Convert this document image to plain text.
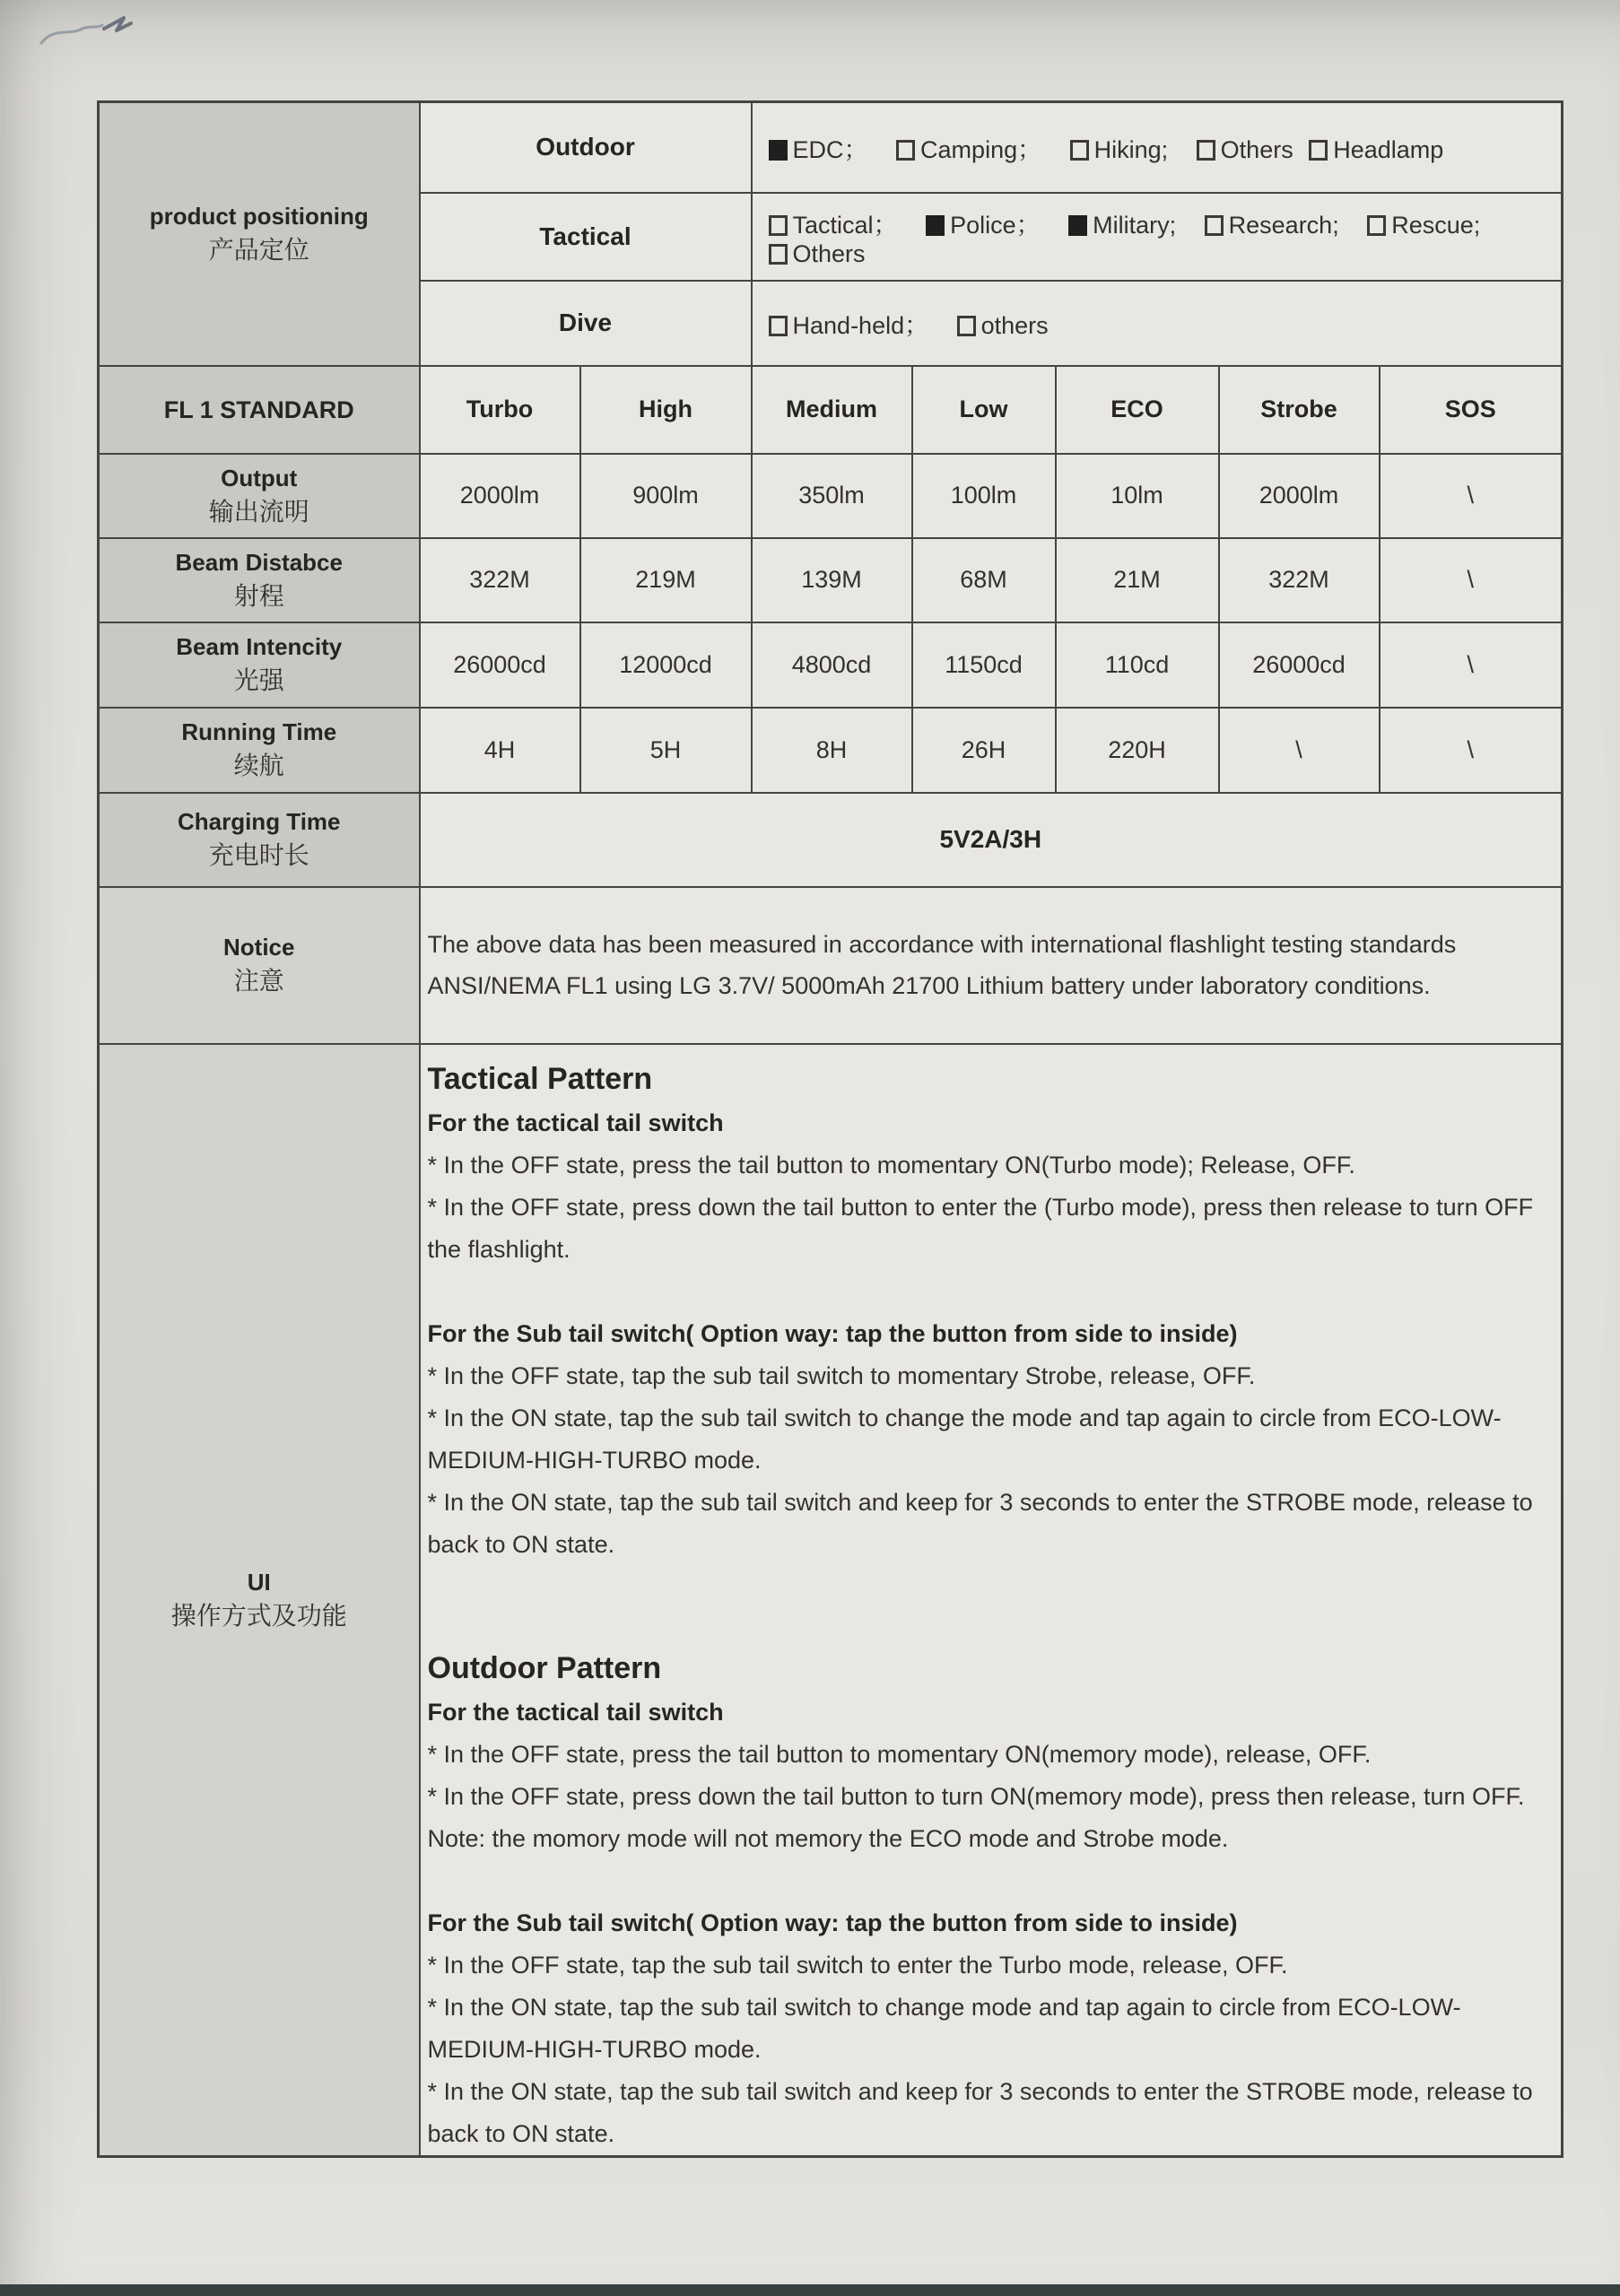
product positioning
产品定位	Outdoor		EDC； Camping； Hiking; Others Headlamp				
	Tactical		Tactical； Police； Military; Research; Rescue; Others				
	Dive		Hand-held； others				

FL 1 STANDARD	Turbo	High	Medium	Low	ECO	Strobe	SOS

Output
输出流明	2000lm	900lm	350lm	100lm	10lm	2000lm	\

Beam Distabce
射程	322M	219M	139M	68M	21M	322M	\

Beam Intencity
光强	26000cd	12000cd	4800cd	1150cd	110cd	26000cd	\

Running Time
续航	4H	5H	8H	26H	220H	\	\

Charging Time
充电时长	5V2A/3H						

Notice
注意	The above data has been measured in accordance with international flashlight testing standards ANSI/NEMA FL1 using LG 3.7V/ 5000mAh 21700 Lithium battery under laboratory conditions.						

UI
操作方式及功能

Tactical Pattern

For the tactical tail switch

* In the OFF state, press the tail button to momentary ON(Turbo mode); Release, OFF.

* In the OFF state, press down the tail button to enter the (Turbo mode), press then release to turn OFF the flashlight.

For the Sub tail switch( Option way: tap the button from side to inside)

* In the OFF state, tap the sub tail switch to momentary Strobe, release, OFF.

* In the ON state, tap the sub tail switch to change the mode and tap again to circle from ECO-LOW-MEDIUM-HIGH-TURBO mode.

* In the ON state, tap the sub tail switch and keep for 3 seconds to enter the STROBE mode, release to back to ON state.

Outdoor Pattern

For the tactical tail switch

* In the OFF state, press the tail button to momentary ON(memory mode), release, OFF.

* In the OFF state, press down the tail button to turn ON(memory mode), press then release, turn OFF.

Note: the momory mode will not memory the ECO mode and Strobe mode.

For the Sub tail switch( Option way: tap the button from side to inside)

* In the OFF state, tap the sub tail switch to enter the Turbo mode, release, OFF.

* In the ON state, tap the sub tail switch to change mode and tap again to circle from ECO-LOW-MEDIUM-HIGH-TURBO mode.

* In the ON state, tap the sub tail switch and keep for 3 seconds to enter the STROBE mode, release to back to ON state.
